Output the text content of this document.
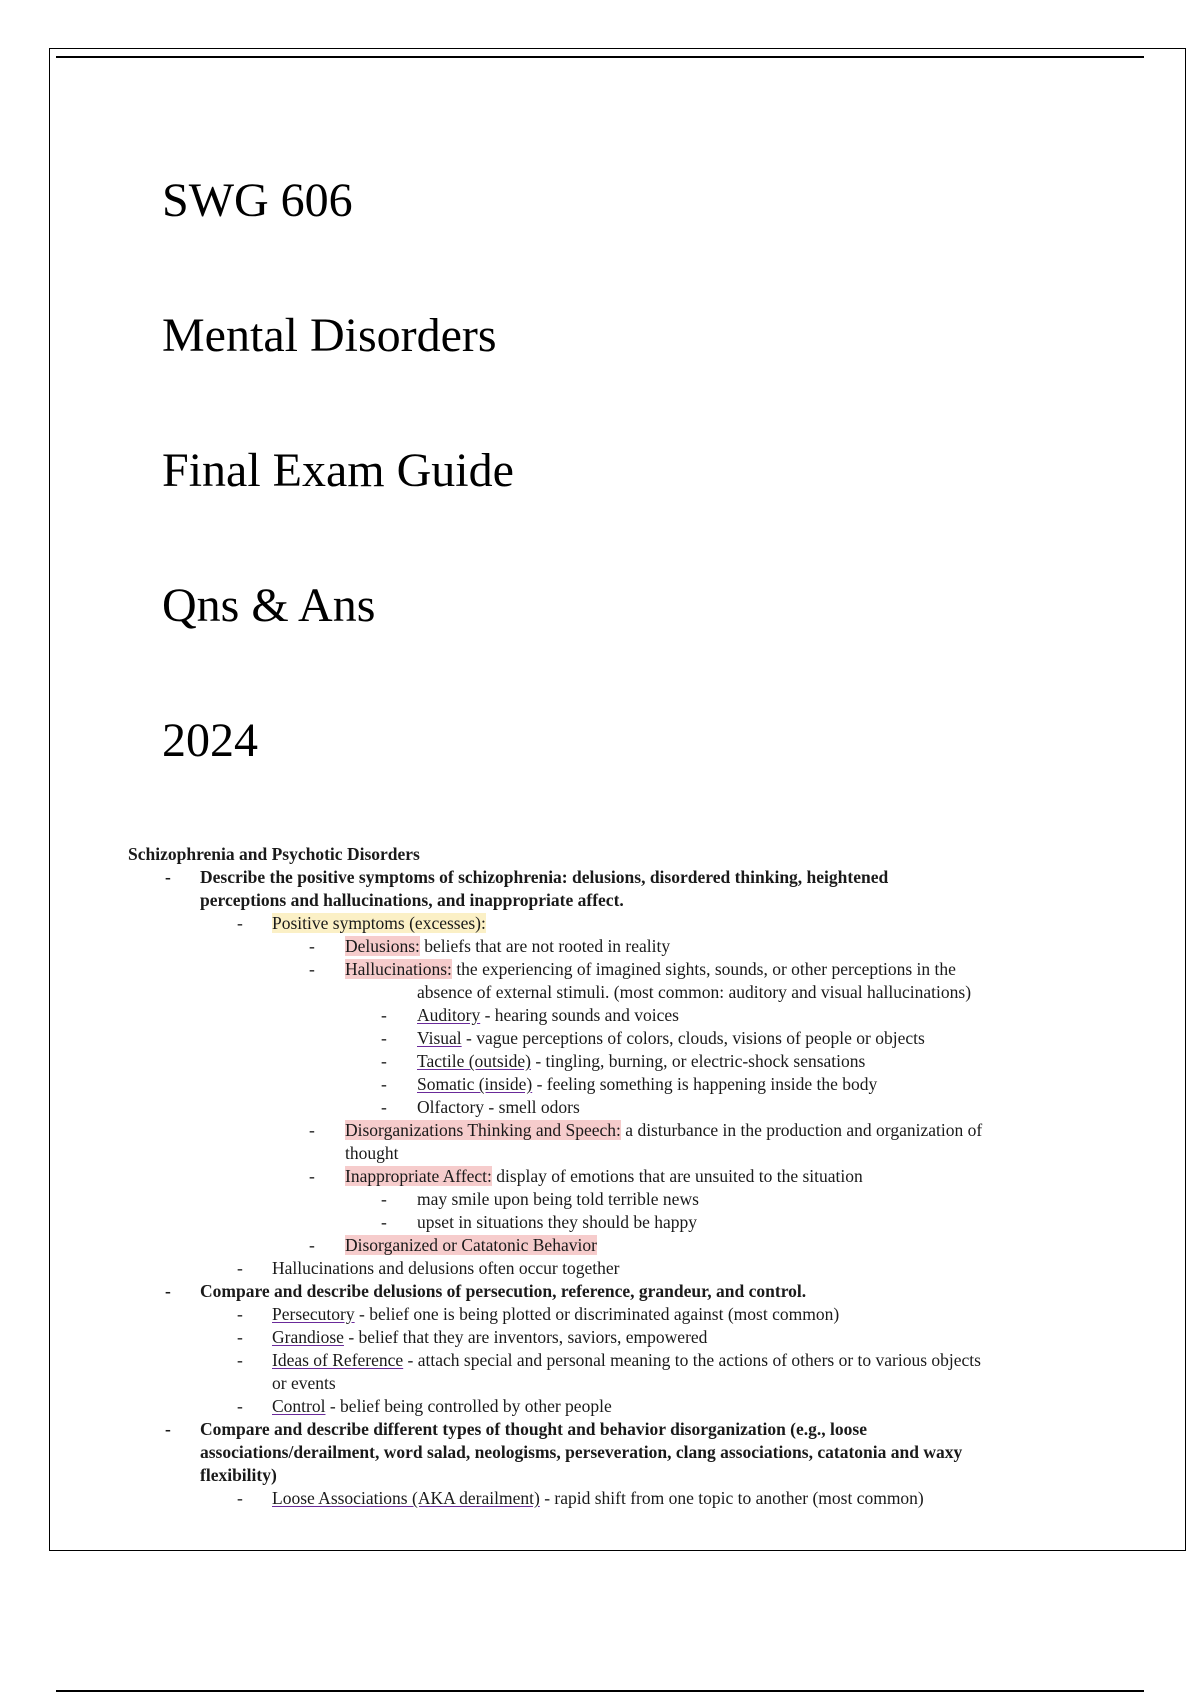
SWG 606
Mental Disorders
Final Exam Guide
Qns & Ans
2024
Schizophrenia and Psychotic Disorders
- Describe the positive symptoms of schizophrenia: delusions, disordered thinking, heightened
perceptions and hallucinations, and inappropriate affect.
- Positive symptoms (excesses):
- Delusions: beliefs that are not rooted in reality
- Hallucinations: the experiencing of imagined sights, sounds, or other perceptions in the
absence of external stimuli. (most common: auditory and visual hallucinations)
- Auditory - hearing sounds and voices
- Visual - vague perceptions of colors, clouds, visions of people or objects
- Tactile (outside) - tingling, burning, or electric-shock sensations
- Somatic (inside) - feeling something is happening inside the body
- Olfactory - smell odors
- Disorganizations Thinking and Speech: a disturbance in the production and organization of
thought
- Inappropriate Affect: display of emotions that are unsuited to the situation
- may smile upon being told terrible news
- upset in situations they should be happy
- Disorganized or Catatonic Behavior
- Hallucinations and delusions often occur together
- Compare and describe delusions of persecution, reference, grandeur, and control.
- Persecutory - belief one is being plotted or discriminated against (most common)
- Grandiose - belief that they are inventors, saviors, empowered
- Ideas of Reference - attach special and personal meaning to the actions of others or to various objects
or events
- Control - belief being controlled by other people
- Compare and describe different types of thought and behavior disorganization (e.g., loose
associations/derailment, word salad, neologisms, perseveration, clang associations, catatonia and waxy
flexibility)
- Loose Associations (AKA derailment) - rapid shift from one topic to another (most common)
